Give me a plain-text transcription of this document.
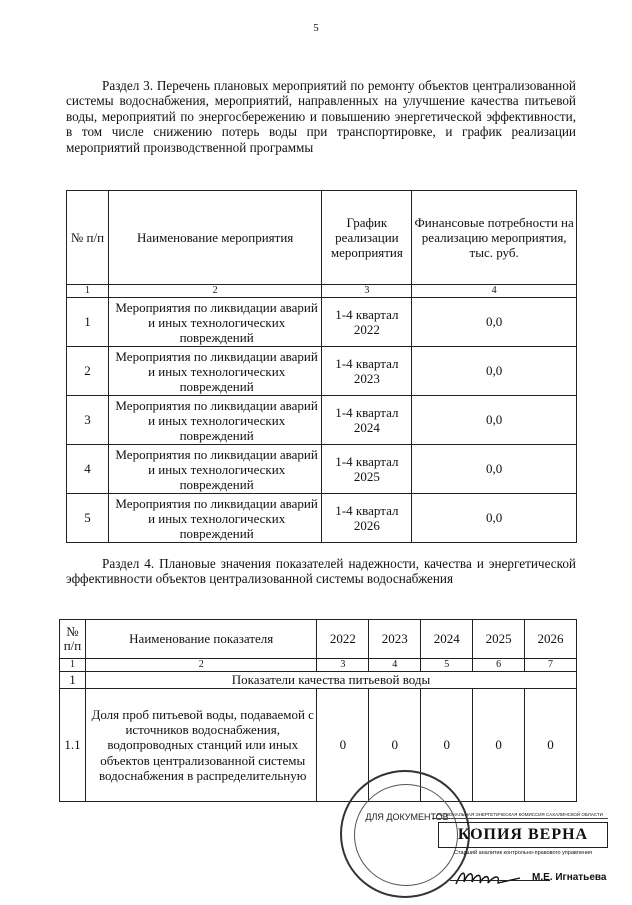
5

Раздел 3. Перечень плановых мероприятий по ремонту объектов централизованной системы водоснабжения, мероприятий, направленных на улучшение качества питьевой воды, мероприятий по энергосбережению и повышению энергетической эффективности, в том числе снижению потерь воды при транспортировке, и график реализации мероприятий производственной программы

№ п/п	Наименование мероприятия	График реализации мероприятия	Финансовые потребности на реализацию мероприятия, тыс. руб.
1	2	3	4
1	Мероприятия по ликвидации аварий и иных технологических повреждений	1-4 квартал 2022	0,0
2	Мероприятия по ликвидации аварий и иных технологических повреждений	1-4 квартал 2023	0,0
3	Мероприятия по ликвидации аварий и иных технологических повреждений	1-4 квартал 2024	0,0
4	Мероприятия по ликвидации аварий и иных технологических повреждений	1-4 квартал 2025	0,0
5	Мероприятия по ликвидации аварий и иных технологических повреждений	1-4 квартал 2026	0,0

Раздел 4. Плановые значения показателей надежности, качества и энергетической эффективности объектов централизованной системы водоснабжения

№ п/п	Наименование показателя	2022	2023	2024	2025	2026
1	2	3	4	5	6	7
1	Показатели качества питьевой воды					
1.1	Доля проб питьевой воды, подаваемой с источников водоснабжения, водопроводных станций или иных объектов централизованной системы водоснабжения в распределительную	0	0	0	0	0
ДЛЯ ДОКУМЕНТОВ
РЕГИОНАЛЬНАЯ ЭНЕРГЕТИЧЕСКАЯ КОМИССИЯ САХАЛИНСКОЙ ОБЛАСТИ
КОПИЯ ВЕРНА
Старший аналитик контрольно-правового управления
М.Е. Игнатьева
